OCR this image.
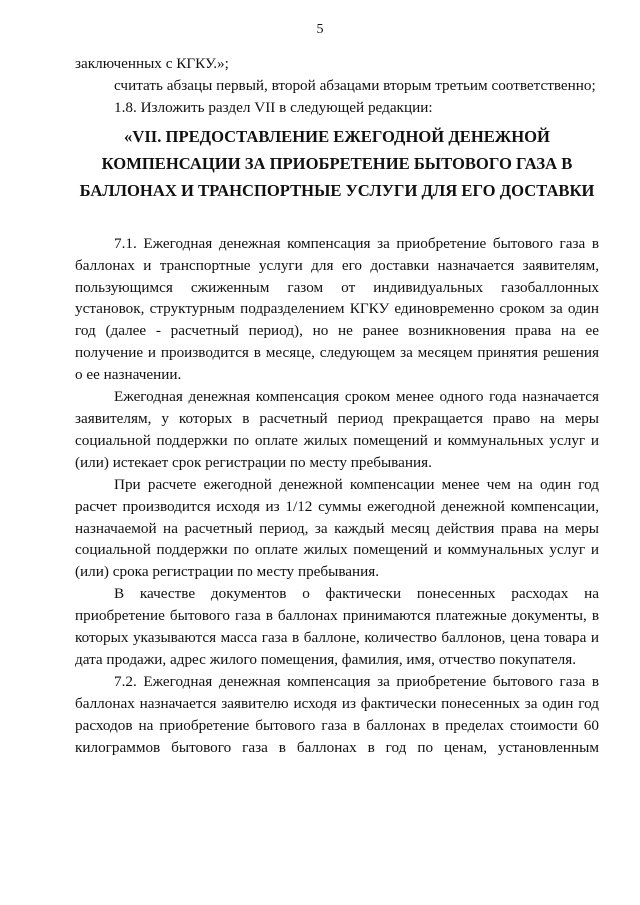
5

заключенных с КГКУ.»;

считать абзацы первый, второй абзацами вторым третьим соответственно;

1.8. Изложить раздел VII в следующей редакции:

«VII. ПРЕДОСТАВЛЕНИЕ ЕЖЕГОДНОЙ ДЕНЕЖНОЙ
КОМПЕНСАЦИИ ЗА ПРИОБРЕТЕНИЕ БЫТОВОГО ГАЗА В
БАЛЛОНАХ И ТРАНСПОРТНЫЕ УСЛУГИ ДЛЯ ЕГО ДОСТАВКИ

7.1. Ежегодная денежная компенсация за приобретение бытового газа в баллонах и транспортные услуги для его доставки назначается заявителям, пользующимся сжиженным газом от индивидуальных газобаллонных установок, структурным подразделением КГКУ единовременно сроком за один год (далее - расчетный период), но не ранее возникновения права на ее получение и производится в месяце, следующем за месяцем принятия решения о ее назначении.

Ежегодная денежная компенсация сроком менее одного года назначается заявителям, у которых в расчетный период прекращается право на меры социальной поддержки по оплате жилых помещений и коммунальных услуг и (или) истекает срок регистрации по месту пребывания.

При расчете ежегодной денежной компенсации менее чем на один год расчет производится исходя из 1/12 суммы ежегодной денежной компенсации, назначаемой на расчетный период, за каждый месяц действия права на меры социальной поддержки по оплате жилых помещений и коммунальных услуг и (или) срока регистрации по месту пребывания.

В качестве документов о фактически понесенных расходах на приобретение бытового газа в баллонах принимаются платежные документы, в которых указываются масса газа в баллоне, количество баллонов, цена товара и дата продажи, адрес жилого помещения, фамилия, имя, отчество покупателя.

7.2. Ежегодная денежная компенсация за приобретение бытового газа в баллонах назначается заявителю исходя из фактически понесенных за один год расходов на приобретение бытового газа в баллонах в пределах стоимости 60 килограммов бытового газа в баллонах в год по ценам, установленным
